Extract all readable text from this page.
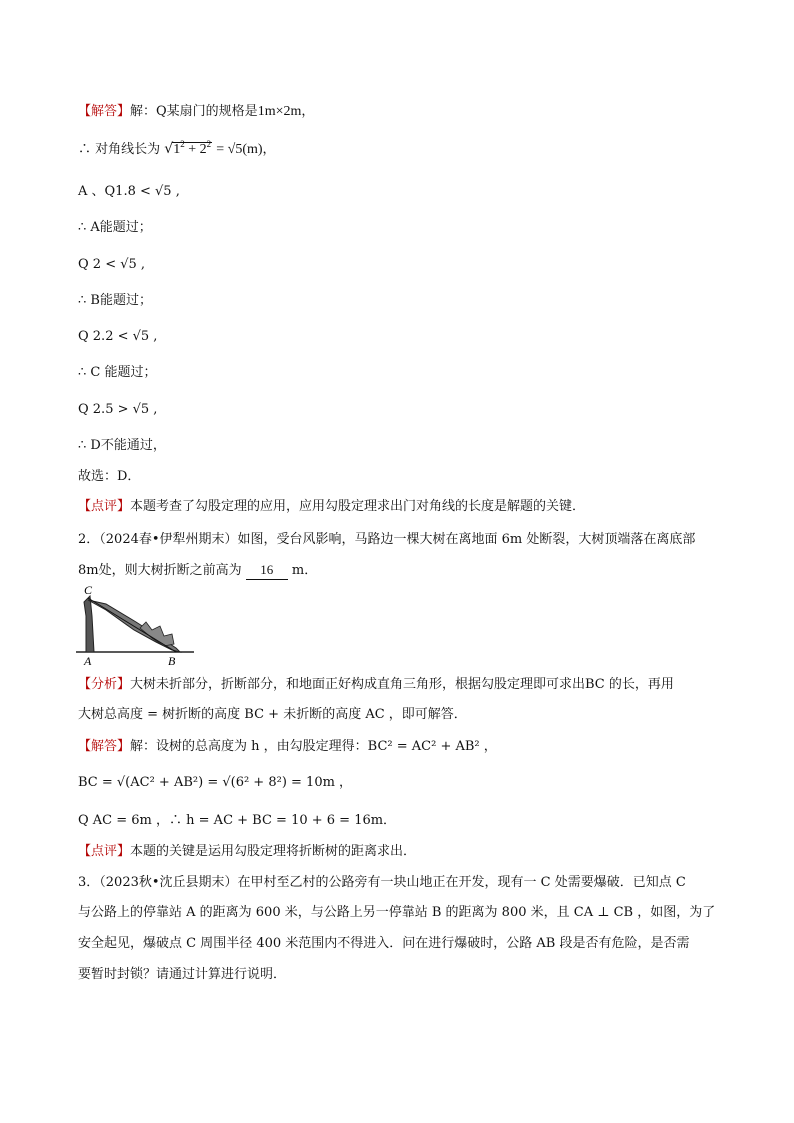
【解答】解：Q某扇门的规格是1m×2m，
∴ 对角线长为 $√1^2 + 2^2 = √5(m)$，
A 、Q1.8 < √5 ,
∴ A能题过；
Q 2 < √5 ,
∴ B能题过；
Q 2.2 < √5 ,
∴ C 能题过；
Q 2.5 > √5 ,
∴ D不能通过，
故选：D．
【点评】本题考查了勾股定理的应用，应用勾股定理求出门对角线的长度是解题的关键．
2．（2024春•伊犁州期末）如图，受台风影响，马路边一棵大树在离地面 6m 处断裂，大树顶端落在离底部
8m处，则大树折断之前高为 16 m．
C
A	B
【分析】大树未折部分，折断部分，和地面正好构成直角三角形，根据勾股定理即可求出BC 的长，再用
大树总高度 = 树折断的高度 BC + 未折断的高度 AC ，即可解答．
【解答】解：设树的总高度为 h ，由勾股定理得：BC² = AC² + AB² ，
BC = √(AC² + AB²) = √(6² + 8²) = 10m ，
Q AC = 6m ，∴ h = AC + BC = 10 + 6 = 16m．
【点评】本题的关键是运用勾股定理将折断树的距离求出．
3．（2023秋•沈丘县期末）在甲村至乙村的公路旁有一块山地正在开发，现有一 C 处需要爆破．已知点 C
与公路上的停靠站 A 的距离为 600 米，与公路上另一停靠站 B 的距离为 800 米，且 CA ⊥ CB ，如图，为了
安全起见，爆破点 C 周围半径 400 米范围内不得进入．问在进行爆破时，公路 AB 段是否有危险，是否需
要暂时封锁？请通过计算进行说明．
